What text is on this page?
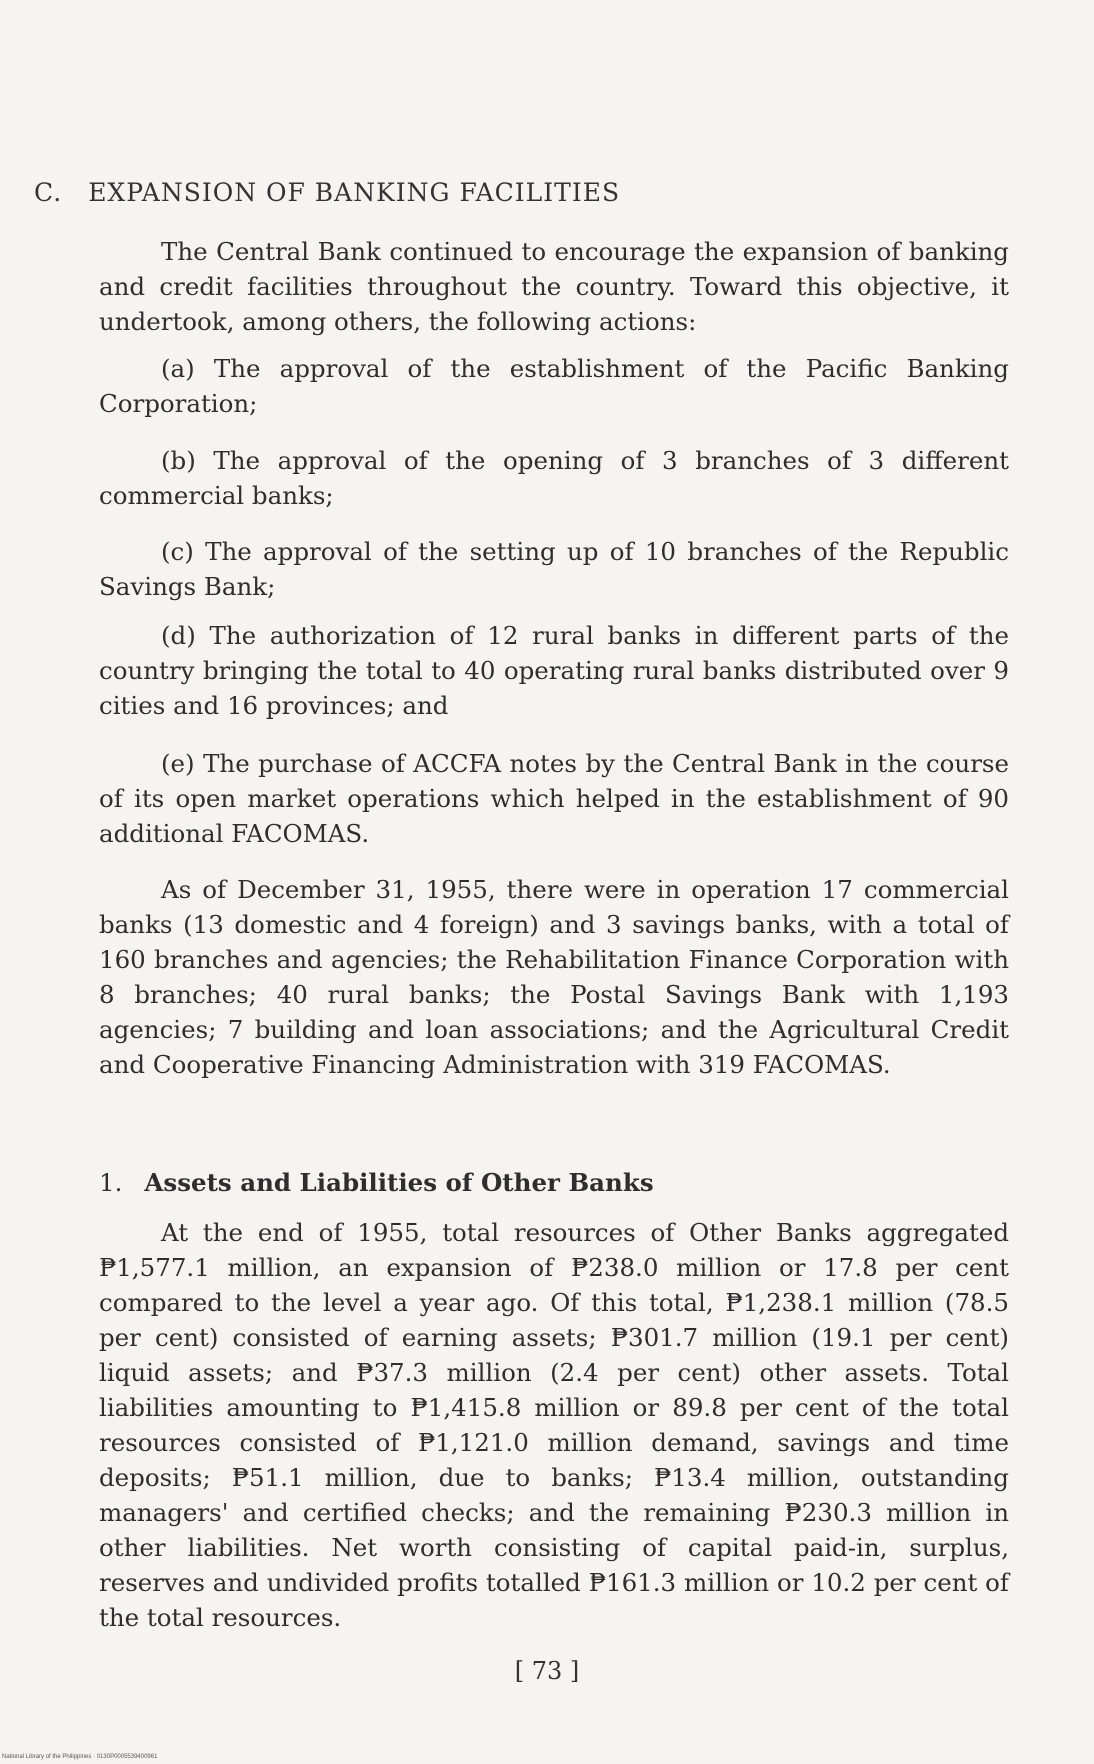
C. EXPANSION OF BANKING FACILITIES

The Central Bank continued to encourage the expansion of banking and credit facilities throughout the country. Toward this objective, it undertook, among others, the following actions:

(a) The approval of the establishment of the Pacific Banking Corporation;

(b) The approval of the opening of 3 branches of 3 different commercial banks;

(c) The approval of the setting up of 10 branches of the Republic Savings Bank;

(d) The authorization of 12 rural banks in different parts of the country bringing the total to 40 operating rural banks distributed over 9 cities and 16 provinces; and

(e) The purchase of ACCFA notes by the Central Bank in the course of its open market operations which helped in the establishment of 90 additional FACOMAS.

As of December 31, 1955, there were in operation 17 commercial banks (13 domestic and 4 foreign) and 3 savings banks, with a total of 160 branches and agencies; the Rehabilitation Finance Corporation with 8 branches; 40 rural banks; the Postal Savings Bank with 1,193 agencies; 7 building and loan associations; and the Agricultural Credit and Cooperative Financing Administration with 319 FACOMAS.

1. Assets and Liabilities of Other Banks

At the end of 1955, total resources of Other Banks aggregated ₱1,577.1 million, an expansion of ₱238.0 million or 17.8 per cent compared to the level a year ago. Of this total, ₱1,238.1 million (78.5 per cent) consisted of earning assets; ₱301.7 million (19.1 per cent) liquid assets; and ₱37.3 million (2.4 per cent) other assets. Total liabilities amounting to ₱1,415.8 million or 89.8 per cent of the total resources consisted of ₱1,121.0 million demand, savings and time deposits; ₱51.1 million, due to banks; ₱13.4 million, outstanding managers' and certified checks; and the remaining ₱230.3 million in other liabilities. Net worth consisting of capital paid-in, surplus, reserves and undivided profits totalled ₱161.3 million or 10.2 per cent of the total resources.

[ 73 ]
National Library of the Philippines · 0130P0005539400961
